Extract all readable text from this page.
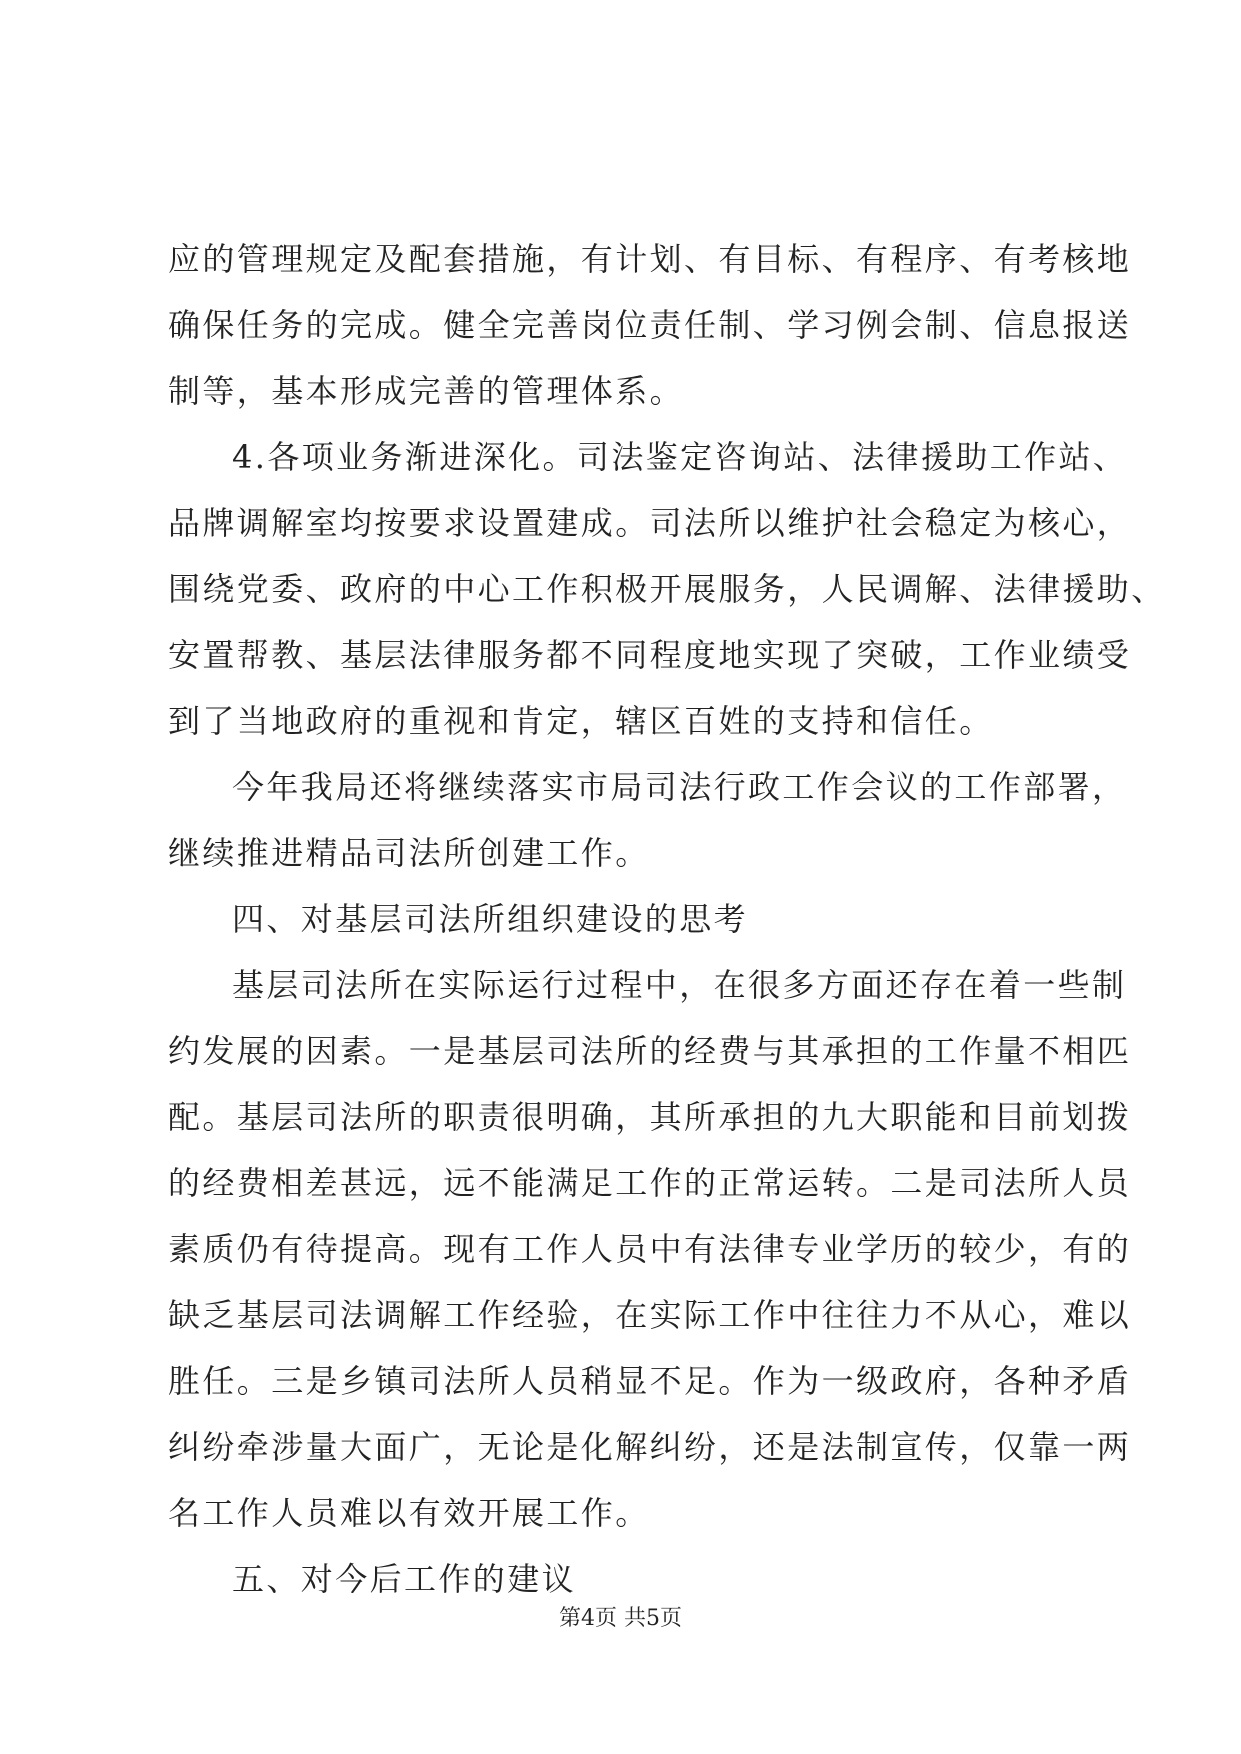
应的管理规定及配套措施，有计划、有目标、有程序、有考核地
确保任务的完成。健全完善岗位责任制、学习例会制、信息报送
制等，基本形成完善的管理体系。
4.各项业务渐进深化。司法鉴定咨询站、法律援助工作站、
品牌调解室均按要求设置建成。司法所以维护社会稳定为核心，
围绕党委、政府的中心工作积极开展服务，人民调解、法律援助、
安置帮教、基层法律服务都不同程度地实现了突破，工作业绩受
到了当地政府的重视和肯定，辖区百姓的支持和信任。
今年我局还将继续落实市局司法行政工作会议的工作部署，
继续推进精品司法所创建工作。
四、对基层司法所组织建设的思考
基层司法所在实际运行过程中，在很多方面还存在着一些制
约发展的因素。一是基层司法所的经费与其承担的工作量不相匹
配。基层司法所的职责很明确，其所承担的九大职能和目前划拨
的经费相差甚远，远不能满足工作的正常运转。二是司法所人员
素质仍有待提高。现有工作人员中有法律专业学历的较少，有的
缺乏基层司法调解工作经验，在实际工作中往往力不从心，难以
胜任。三是乡镇司法所人员稍显不足。作为一级政府，各种矛盾
纠纷牵涉量大面广，无论是化解纠纷，还是法制宣传，仅靠一两
名工作人员难以有效开展工作。
五、对今后工作的建议
第4页 共5页
